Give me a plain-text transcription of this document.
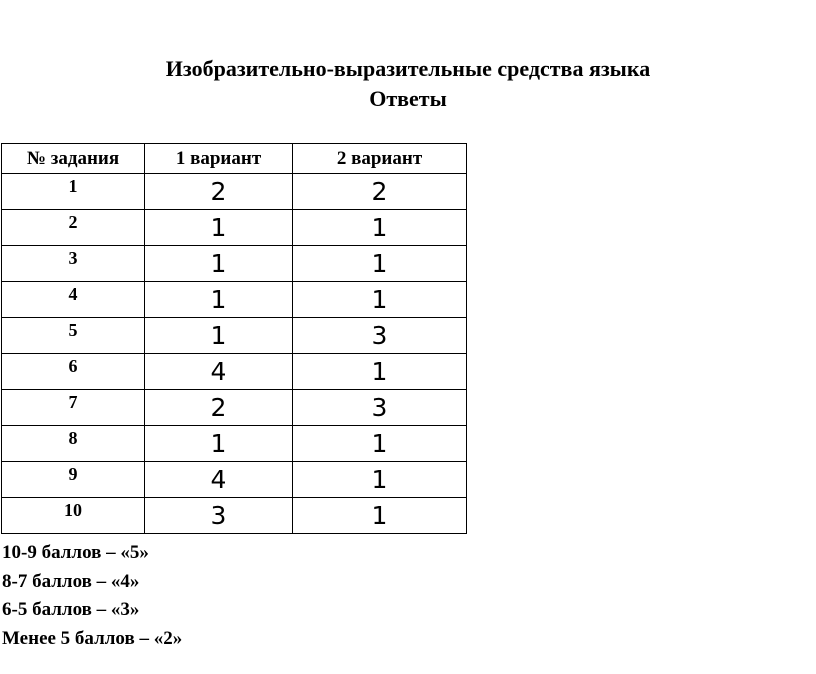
Изобразительно-выразительные средства языка
Ответы
№ задания	1 вариант	2 вариант
1	2	2
2	1	1
3	1	1
4	1	1
5	1	3
6	4	1
7	2	3
8	1	1
9	4	1
10	3	1
10-9 баллов – «5»
8-7 баллов – «4»
6-5 баллов – «3»
Менее 5 баллов – «2»
